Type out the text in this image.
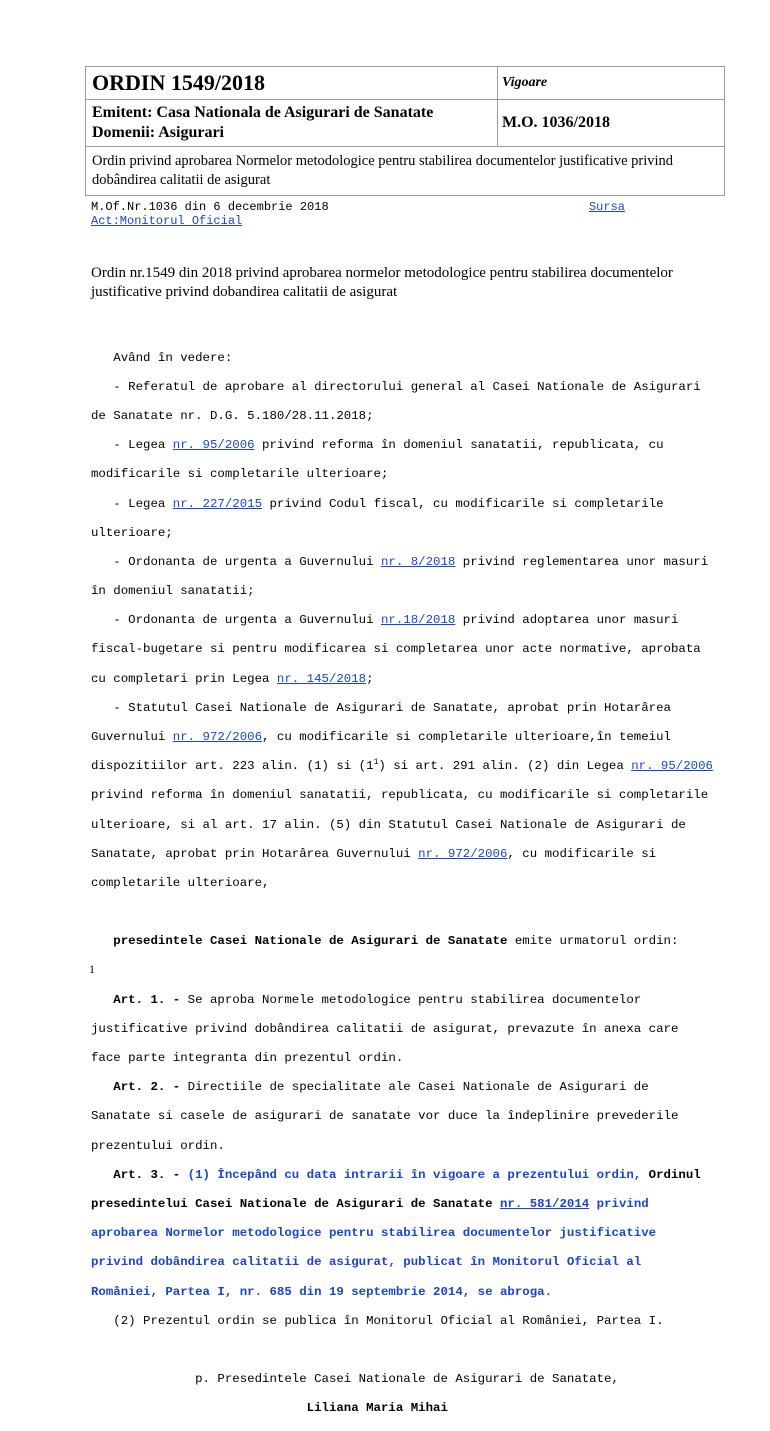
ORDIN 1549/2018	Vigoare

Emitent: Casa Nationala de Asigurari de Sanatate
Domenii: Asigurari	M.O. 1036/2018
Ordin privind aprobarea Normelor metodologice pentru stabilirea documentelor justificative privind dobândirea calitatii de asigurat	
M.Of.Nr.1036 din 6 decembrie 2018	Sursa
Act:Monitorul Oficial
Ordin nr.1549 din 2018 privind aprobarea normelor metodologice pentru stabilirea documentelor justificative privind dobandirea calitatii de asigurat

Având în vedere:

- Referatul de aprobare al directorului general al Casei Nationale de Asigurari

de Sanatate nr. D.G. 5.180/28.11.2018;

- Legea nr. 95/2006 privind reforma în domeniul sanatatii, republicata, cu

modificarile si completarile ulterioare;

- Legea nr. 227/2015 privind Codul fiscal, cu modificarile si completarile

ulterioare;

- Ordonanta de urgenta a Guvernului nr. 8/2018 privind reglementarea unor masuri

în domeniul sanatatii;

- Ordonanta de urgenta a Guvernului nr.18/2018 privind adoptarea unor masuri

fiscal-bugetare si pentru modificarea si completarea unor acte normative, aprobata

cu completari prin Legea nr. 145/2018;

- Statutul Casei Nationale de Asigurari de Sanatate, aprobat prin Hotarârea

Guvernului nr. 972/2006, cu modificarile si completarile ulterioare,în temeiul

dispozitiilor art. 223 alin. (1) si $(1^1)$ si art. 291 alin. (2) din Legea nr. 95/2006

privind reforma în domeniul sanatatii, republicata, cu modificarile si completarile

ulterioare, si al art. 17 alin. (5) din Statutul Casei Nationale de Asigurari de

Sanatate, aprobat prin Hotarârea Guvernului nr. 972/2006, cu modificarile si

completarile ulterioare,

presedintele Casei Nationale de Asigurari de Sanatate emite urmatorul ordin:

Art. 1. - Se aproba Normele metodologice pentru stabilirea documentelor

justificative privind dobândirea calitatii de asigurat, prevazute în anexa care

face parte integranta din prezentul ordin.

Art. 2. - Directiile de specialitate ale Casei Nationale de Asigurari de

Sanatate si casele de asigurari de sanatate vor duce la îndeplinire prevederile

prezentului ordin.

Art. 3. - (1) Începând cu data intrarii în vigoare a prezentului ordin, Ordinul

presedintelui Casei Nationale de Asigurari de Sanatate nr. 581/2014 privind

aprobarea Normelor metodologice pentru stabilirea documentelor justificative

privind dobândirea calitatii de asigurat, publicat în Monitorul Oficial al

României, Partea I, nr. 685 din 19 septembrie 2014, se abroga.

(2) Prezentul ordin se publica în Monitorul Oficial al României, Partea I.

p. Presedintele Casei Nationale de Asigurari de Sanatate,

Liliana Maria Mihai

1
